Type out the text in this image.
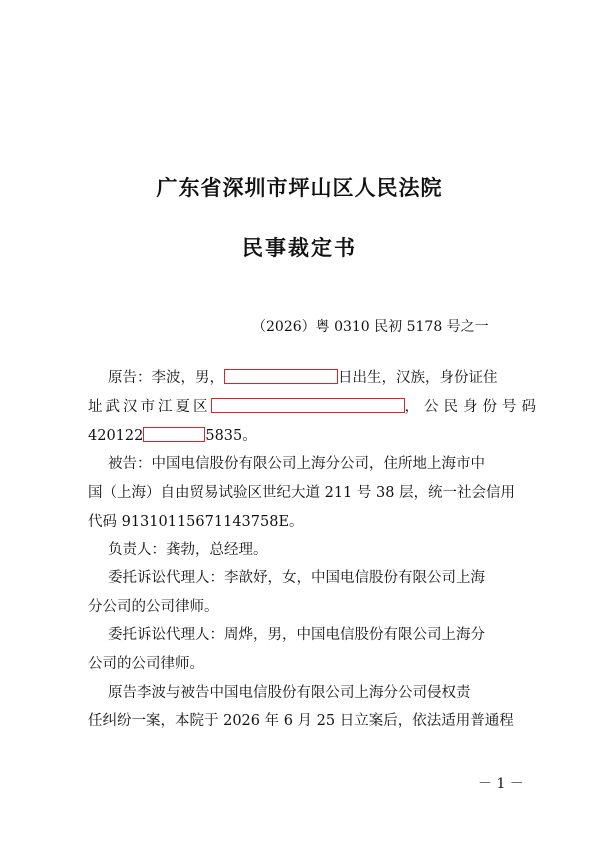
广东省深圳市坪山区人民法院
民事裁定书
（2026）粤 0310 民初 5178 号之一
原告：李波，男，	日出生，汉族，身份证住
址武汉市江夏区	，公民身份号码
420122	5835。
被告：中国电信股份有限公司上海分公司，住所地上海市中
国（上海）自由贸易试验区世纪大道 211 号 38 层，统一社会信用
代码 91310115671143758E。
负责人：龚勃，总经理。
委托诉讼代理人：李歆妤，女，中国电信股份有限公司上海
分公司的公司律师。
委托诉讼代理人：周烨，男，中国电信股份有限公司上海分
公司的公司律师。
原告李波与被告中国电信股份有限公司上海分公司侵权责
任纠纷一案，本院于 2026 年 6 月 25 日立案后，依法适用普通程
－ 1 －
